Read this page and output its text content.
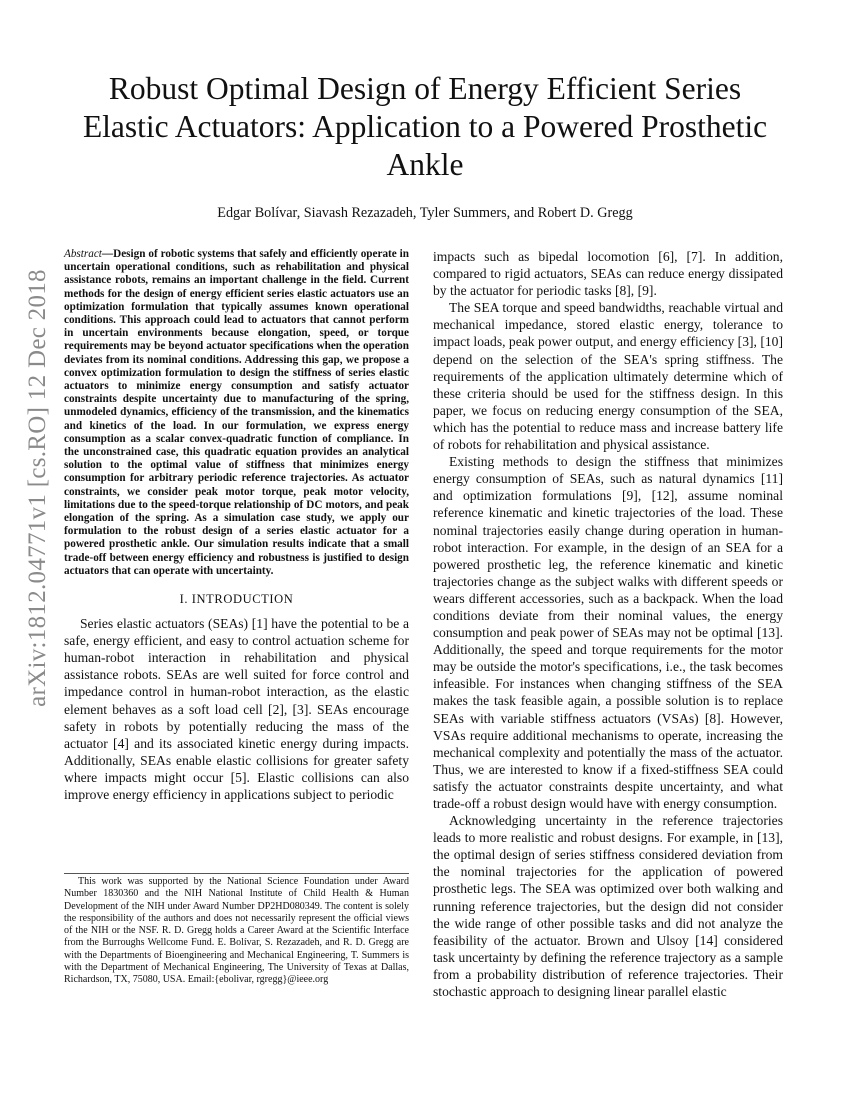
arXiv:1812.04771v1 [cs.RO] 12 Dec 2018
Robust Optimal Design of Energy Efficient Series Elastic Actuators: Application to a Powered Prosthetic Ankle

Edgar Bolívar, Siavash Rezazadeh, Tyler Summers, and Robert D. Gregg

Abstract—Design of robotic systems that safely and efficiently operate in uncertain operational conditions, such as rehabilitation and physical assistance robots, remains an important challenge in the field. Current methods for the design of energy efficient series elastic actuators use an optimization formulation that typically assumes known operational conditions. This approach could lead to actuators that cannot perform in uncertain environments because elongation, speed, or torque requirements may be beyond actuator specifications when the operation deviates from its nominal conditions. Addressing this gap, we propose a convex optimization formulation to design the stiffness of series elastic actuators to minimize energy consumption and satisfy actuator constraints despite uncertainty due to manufacturing of the spring, unmodeled dynamics, efficiency of the transmission, and the kinematics and kinetics of the load. In our formulation, we express energy consumption as a scalar convex-quadratic function of compliance. In the unconstrained case, this quadratic equation provides an analytical solution to the optimal value of stiffness that minimizes energy consumption for arbitrary periodic reference trajectories. As actuator constraints, we consider peak motor torque, peak motor velocity, limitations due to the speed-torque relationship of DC motors, and peak elongation of the spring. As a simulation case study, we apply our formulation to the robust design of a series elastic actuator for a powered prosthetic ankle. Our simulation results indicate that a small trade-off between energy efficiency and robustness is justified to design actuators that can operate with uncertainty.

I. INTRODUCTION

Series elastic actuators (SEAs) [1] have the potential to be a safe, energy efficient, and easy to control actuation scheme for human-robot interaction in rehabilitation and physical assistance robots. SEAs are well suited for force control and impedance control in human-robot interaction, as the elastic element behaves as a soft load cell [2], [3]. SEAs encourage safety in robots by potentially reducing the mass of the actuator [4] and its associated kinetic energy during impacts. Additionally, SEAs enable elastic collisions for greater safety where impacts might occur [5]. Elastic collisions can also improve energy efficiency in applications subject to periodic

This work was supported by the National Science Foundation under Award Number 1830360 and the NIH National Institute of Child Health & Human Development of the NIH under Award Number DP2HD080349. The content is solely the responsibility of the authors and does not necessarily represent the official views of the NIH or the NSF. R. D. Gregg holds a Career Award at the Scientific Interface from the Burroughs Wellcome Fund. E. Bolívar, S. Rezazadeh, and R. D. Gregg are with the Departments of Bioengineering and Mechanical Engineering, T. Summers is with the Department of Mechanical Engineering, The University of Texas at Dallas, Richardson, TX, 75080, USA. Email:{ebolivar, rgregg}@ieee.org

impacts such as bipedal locomotion [6], [7]. In addition, compared to rigid actuators, SEAs can reduce energy dissipated by the actuator for periodic tasks [8], [9].

The SEA torque and speed bandwidths, reachable virtual and mechanical impedance, stored elastic energy, tolerance to impact loads, peak power output, and energy efficiency [3], [10] depend on the selection of the SEA's spring stiffness. The requirements of the application ultimately determine which of these criteria should be used for the stiffness design. In this paper, we focus on reducing energy consumption of the SEA, which has the potential to reduce mass and increase battery life of robots for rehabilitation and physical assistance.

Existing methods to design the stiffness that minimizes energy consumption of SEAs, such as natural dynamics [11] and optimization formulations [9], [12], assume nominal reference kinematic and kinetic trajectories of the load. These nominal trajectories easily change during operation in human-robot interaction. For example, in the design of an SEA for a powered prosthetic leg, the reference kinematic and kinetic trajectories change as the subject walks with different speeds or wears different accessories, such as a backpack. When the load conditions deviate from their nominal values, the energy consumption and peak power of SEAs may not be optimal [13]. Additionally, the speed and torque requirements for the motor may be outside the motor's specifications, i.e., the task becomes infeasible. For instances when changing stiffness of the SEA makes the task feasible again, a possible solution is to replace SEAs with variable stiffness actuators (VSAs) [8]. However, VSAs require additional mechanisms to operate, increasing the mechanical complexity and potentially the mass of the actuator. Thus, we are interested to know if a fixed-stiffness SEA could satisfy the actuator constraints despite uncertainty, and what trade-off a robust design would have with energy consumption.

Acknowledging uncertainty in the reference trajectories leads to more realistic and robust designs. For example, in [13], the optimal design of series stiffness considered deviation from the nominal trajectories for the application of powered prosthetic legs. The SEA was optimized over both walking and running reference trajectories, but the design did not consider the wide range of other possible tasks and did not analyze the feasibility of the actuator. Brown and Ulsoy [14] considered task uncertainty by defining the reference trajectory as a sample from a probability distribution of reference trajectories. Their stochastic approach to designing linear parallel elastic
